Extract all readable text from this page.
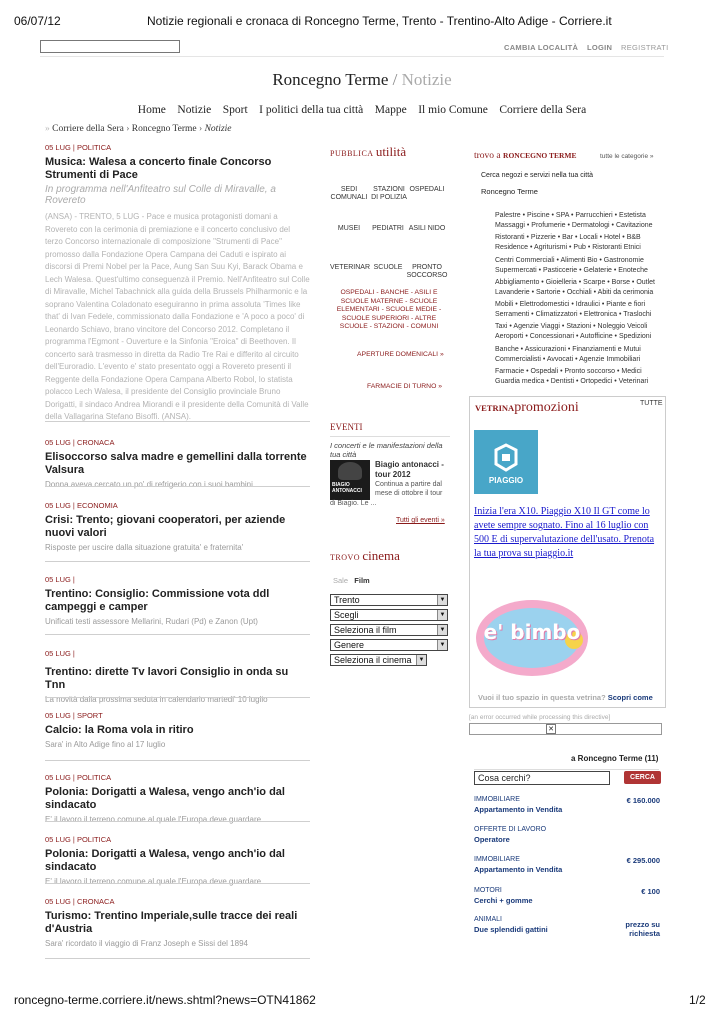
06/07/12	Notizie regionali e cronaca di Roncegno Terme, Trento - Trentino-Alto Adige - Corriere.it
CAMBIA LOCALITÀ LOGIN REGISTRATI
Roncegno Terme / Notizie
Home Notizie Sport I politici della tua città Mappe Il mio Comune Corriere della Sera
» Corriere della Sera › Roncegno Terme › Notizie
05 LUG | POLITICA
Musica: Walesa a concerto finale Concorso Strumenti di Pace
In programma nell'Anfiteatro sul Colle di Miravalle, a Rovereto
(ANSA) - TRENTO, 5 LUG - Pace e musica protagonisti domani a Rovereto con la cerimonia di premiazione e il concerto conclusivo del terzo Concorso internazionale di composizione "Strumenti di Pace" promosso dalla Fondazione Opera Campana dei Caduti e ispirato ai discorsi di Premi Nobel per la Pace, Aung San Suu Kyi, Barack Obama e Lech Walesa. Quest'ultimo conseguenzà il Premio. Nell'Anfiteatro sul Colle di Miravalle, Michel Tabachnick alla guida della Brussels Philharmonic e la soprano Valentina Coladonato eseguiranno in prima assoluta 'Times like that' di Ivan Fedele, commissionato dalla Fondazione e 'A poco a poco' di Leonardo Schiavo, brano vincitore del Concorso 2012. Completano il programma l'Egmont - Ouverture e la Sinfonia "Eroica" di Beethoven. Il concerto sarà trasmesso in diretta da Radio Tre Rai e differito al circuito dell'Euroradio. L'evento e' stato presentato oggi a Rovereto presenti il Reggente della Fondazione Opera Campana Alberto Robol, lo statista polacco Lech Walesa, il presidente del Consiglio provinciale Bruno Dorigatti, il sindaco Andrea Miorandi e il presidente della Comunità di Valle della Vallagarina Stefano Bisoffi. (ANSA).
05 LUG | CRONACA
Elisoccorso salva madre e gemellini dalla torrente Valsura
Donna aveva cercato un po' di refrigerio con i suoi bambini
05 LUG | ECONOMIA
Crisi: Trento; giovani cooperatori, per aziende nuovi valori
Risposte per uscire dalla situazione gratuita' e fraternita'
05 LUG |
Trentino: Consiglio: Commissione vota ddl campeggi e camper
Unificati testi assessore Mellarini, Rudari (Pd) e Zanon (Upt)
05 LUG |
Trentino: dirette Tv lavori Consiglio in onda su Tnn
La novità dalla prossima seduta in calendario martedi' 10 luglio
05 LUG | SPORT
Calcio: la Roma vola in ritiro
Sara' in Alto Adige fino al 17 luglio
05 LUG | POLITICA
Polonia: Dorigatti a Walesa, vengo anch'io dal sindacato
E' il lavoro il terreno comune al quale l'Europa deve guardare
05 LUG | POLITICA
Polonia: Dorigatti a Walesa, vengo anch'io dal sindacato
E' il lavoro il terreno comune al quale l'Europa deve guardare
05 LUG | CRONACA
Turismo: Trentino Imperiale,sulle tracce dei reali d'Austria
Sara' ricordato il viaggio di Franz Joseph e Sissi del 1894
PUBBLICA utilità
SEDI COMUNALI
STAZIONI DI POLIZIA
OSPEDALI
MUSEI	PEDIATRI ASILI NIDO
VETERINAR SCUOLE	PRONTO SOCCORSO
OSPEDALI - BANCHE - ASILI E SCUOLE MATERNE - SCUOLE ELEMENTARI - SCUOLE MEDIE - SCUOLE SUPERIORI - ALTRE SCUOLE - STAZIONI - COMUNI
APERTURE DOMENICALI »
FARMACIE DI TURNO »
EVENTI
I concerti e le manifestazioni della tua città
BIAGIO ANTONACCI
Biagio antonacci - tour 2012
Continua a partire dal mese di ottobre il tour
di Biagio. Le ...
Tutti gli eventi »
TROVO cinema
Sale Film
Trento	▼
Scegli	▼
Seleziona il film	▼
Genere	▼
Seleziona il cinema	▼
trovo a RONCEGNO TERME	tutte le categorie »
Cerca negozi e servizi nella tua città
Roncegno Terme
Palestre • Piscine • SPA • Parrucchieri • Estetista Massaggi • Profumerie • Dermatologi • Cavitazione
Ristoranti • Pizzerie • Bar • Locali • Hotel • B&B Residence • Agriturismi • Pub • Ristoranti Etnici
Centri Commerciali • Alimenti Bio • Gastronomie Supermercati • Pasticcerie • Gelaterie • Enoteche
Abbigliamento • Gioielleria • Scarpe • Borse • Outlet Lavanderie • Sartorie • Occhiali • Abiti da cerimonia
Mobili • Elettrodomestici • Idraulici • Piante e fiori Serramenti • Climatizzatori • Elettronica • Traslochi
Taxi • Agenzie Viaggi • Stazioni • Noleggio Veicoli Aeroporti • Concessionari • Autofficine • Spedizioni
Banche • Assicurazioni • Finanziamenti e Mutui Commercialisti • Avvocati • Agenzie Immobiliari
Farmacie • Ospedali • Pronto soccorso • Medici Guardia medica • Dentisti • Ortopedici • Veterinari
VETRINApromozioni	TUTTE
PIAGGIO
Inizia l'era X10. Piaggio X10 Il GT come lo avete sempre sognato. Fino al 16 luglio con 500 E di supervalutazione dell'usato. Prenota la tua prova su piaggio.it
e' bimbo
Vuoi il tuo spazio in questa vetrina? Scopri come
[an error occurred while processing this directive]
✕
a Roncegno Terme (11)
Cosa cerchi?	CERCA
IMMOBILIARE
Appartamento in Vendita
€ 160.000
OFFERTE DI LAVORO
Operatore
IMMOBILIARE
Appartamento in Vendita
€ 295.000
MOTORI
Cerchi + gomme
€ 100
ANIMALI
Due splendidi gattini
prezzo su richiesta
roncegno-terme.corriere.it/news.shtml?news=OTN41862	1/2
